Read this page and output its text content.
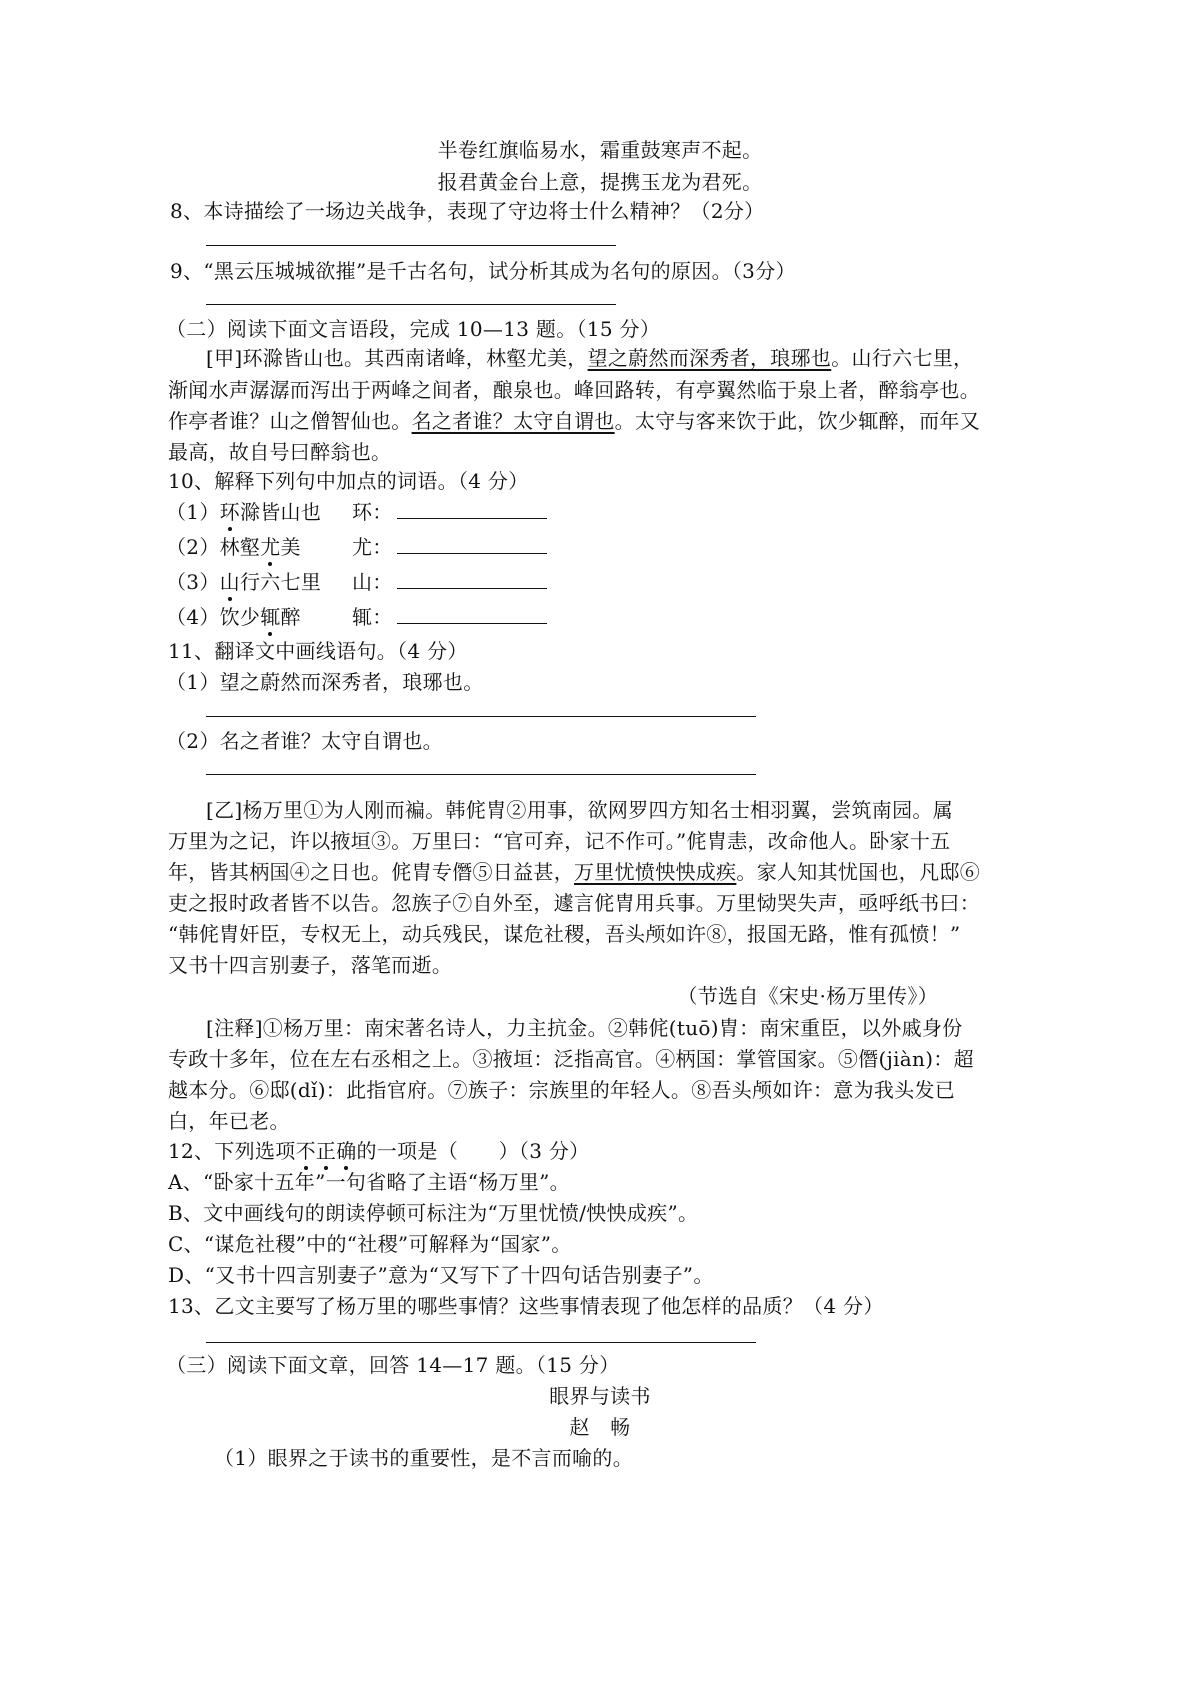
半卷红旗临易水，霜重鼓寒声不起。
报君黄金台上意，提携玉龙为君死。
8、本诗描绘了一场边关战争，表现了守边将士什么精神？（2分）
9、“黑云压城城欲摧”是千古名句，试分析其成为名句的原因。（3分）
（二）阅读下面文言语段，完成 10—13 题。（15 分）
[甲]环滁皆山也。其西南诸峰，林壑尤美，望之蔚然而深秀者，琅琊也。山行六七里，
渐闻水声潺潺而泻出于两峰之间者，酿泉也。峰回路转，有亭翼然临于泉上者，醉翁亭也。
作亭者谁？山之僧智仙也。名之者谁？太守自谓也。太守与客来饮于此，饮少辄醉，而年又
最高，故自号曰醉翁也。
10、解释下列句中加点的词语。（4 分）
（1）环滁皆山也 环：
（2）林壑尤美	尤：
（3）山行六七里 山：
（4）饮少辄醉	辄：
11、翻译文中画线语句。（4 分）
（1）望之蔚然而深秀者，琅琊也。
（2）名之者谁？太守自谓也。
[乙]杨万里①为人刚而褊。韩侂胄②用事，欲网罗四方知名士相羽翼，尝筑南园。属
万里为之记，许以掖垣③。万里曰：“官可弃，记不作可。”侂胄恚，改命他人。卧家十五
年，皆其柄国④之日也。侂胄专僭⑤日益甚，万里忧愤怏怏成疾。家人知其忧国也，凡邸⑥
吏之报时政者皆不以告。忽族子⑦自外至，遽言侂胄用兵事。万里恸哭失声，亟呼纸书曰：
“韩侂胄奸臣，专权无上，动兵残民，谋危社稷，吾头颅如许⑧，报国无路，惟有孤愤！”
又书十四言别妻子，落笔而逝。
（节选自《宋史·杨万里传》）
[注释]①杨万里：南宋著名诗人，力主抗金。②韩侂(tuō)胄：南宋重臣，以外戚身份
专政十多年，位在左右丞相之上。③掖垣：泛指高官。④柄国：掌管国家。⑤僭(jiàn)：超
越本分。⑥邸(dǐ)：此指官府。⑦族子：宗族里的年轻人。⑧吾头颅如许：意为我头发已
白，年已老。
12、下列选项不正确的一项是（　　）（3 分）
A、“卧家十五年”一句省略了主语“杨万里”。
B、文中画线句的朗读停顿可标注为“万里忧愤/怏怏成疾”。
C、“谋危社稷”中的“社稷”可解释为“国家”。
D、“又书十四言别妻子”意为“又写下了十四句话告别妻子”。
13、乙文主要写了杨万里的哪些事情？这些事情表现了他怎样的品质？（4 分）
（三）阅读下面文章，回答 14—17 题。（15 分）
眼界与读书
赵　畅
（1）眼界之于读书的重要性，是不言而喻的。
